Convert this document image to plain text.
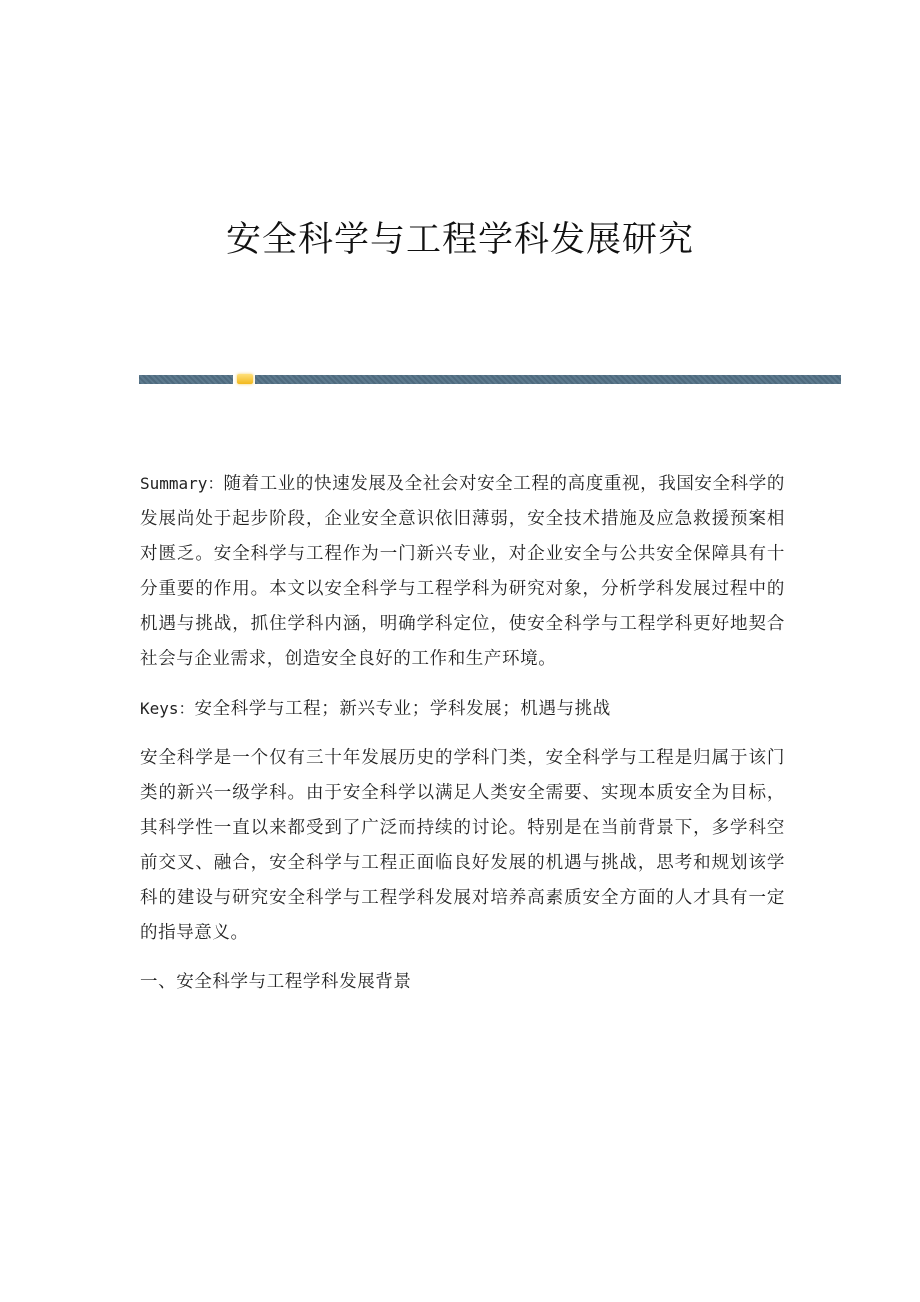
安全科学与工程学科发展研究

Summary：随着工业的快速发展及全社会对安全工程的高度重视，我国安全科学的发展尚处于起步阶段，企业安全意识依旧薄弱，安全技术措施及应急救援预案相对匮乏。安全科学与工程作为一门新兴专业，对企业安全与公共安全保障具有十分重要的作用。本文以安全科学与工程学科为研究对象，分析学科发展过程中的机遇与挑战，抓住学科内涵，明确学科定位，使安全科学与工程学科更好地契合社会与企业需求，创造安全良好的工作和生产环境。

Keys：安全科学与工程；新兴专业；学科发展；机遇与挑战

安全科学是一个仅有三十年发展历史的学科门类，安全科学与工程是归属于该门类的新兴一级学科。由于安全科学以满足人类安全需要、实现本质安全为目标，其科学性一直以来都受到了广泛而持续的讨论。特别是在当前背景下，多学科空前交叉、融合，安全科学与工程正面临良好发展的机遇与挑战，思考和规划该学科的建设与研究安全科学与工程学科发展对培养高素质安全方面的人才具有一定的指导意义。

一、安全科学与工程学科发展背景
